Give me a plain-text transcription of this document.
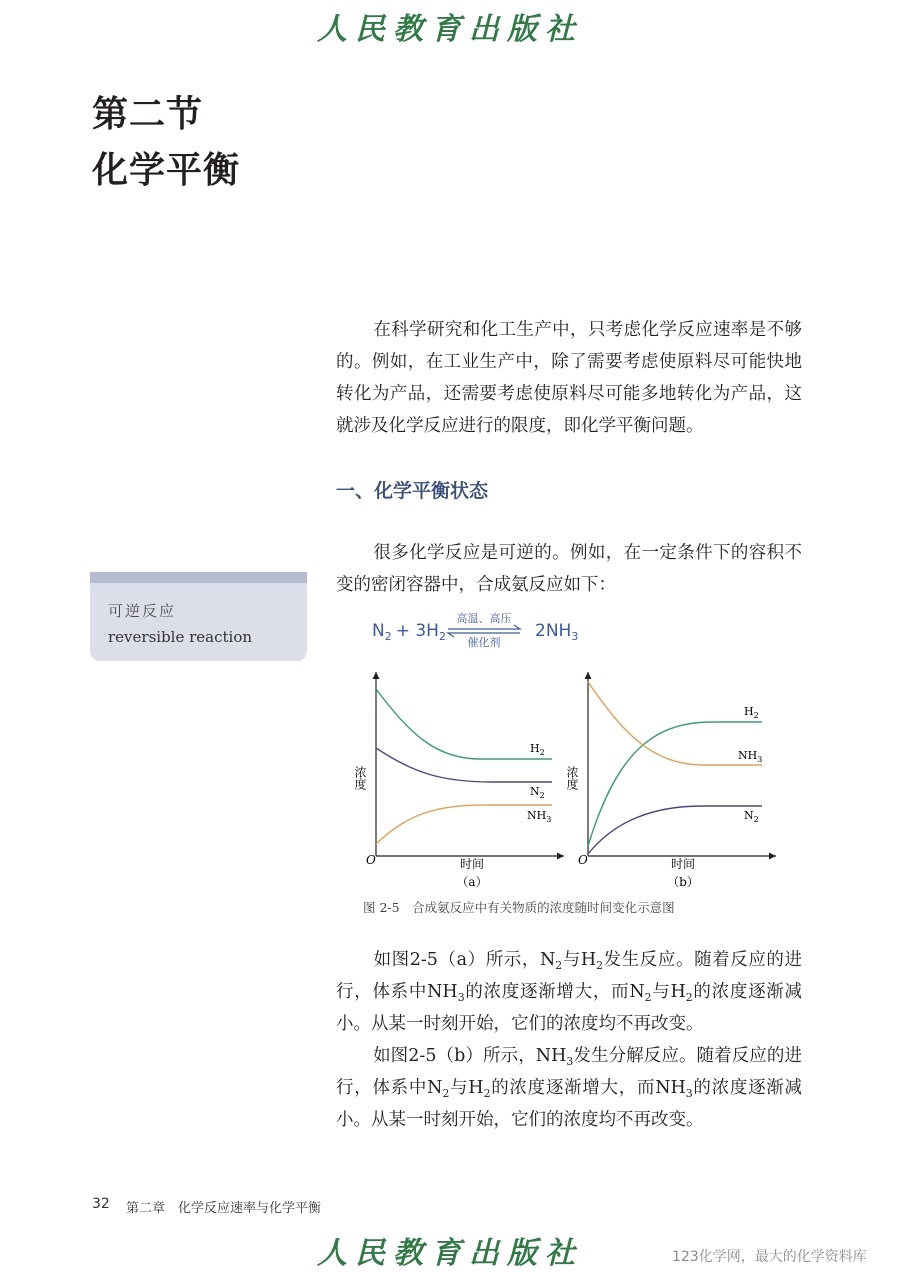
人民教育出版社
第二节
化学平衡

在科学研究和化工生产中，只考虑化学反应速率是不够的。例如，在工业生产中，除了需要考虑使原料尽可能快地转化为产品，还需要考虑使原料尽可能多地转化为产品，这就涉及化学反应进行的限度，即化学平衡问题。

一、化学平衡状态

很多化学反应是可逆的。例如，在一定条件下的容积不变的密闭容器中，合成氨反应如下：

可逆反应
reversible reaction	$N_2 + 3H_2$	$2NH_3$
高温、高压
催化剂
$H_2$
$N_2$
$NH_3$
浓度
O	时间
（a）
$H_2$
$NH_3$
$N_2$
浓度
O	时间
（b）
图 2-5　合成氨反应中有关物质的浓度随时间变化示意图

如图2-5（a）所示，$N_2$与$H_2$发生反应。随着反应的进行，体系中$NH_3$的浓度逐渐增大，而$N_2$与$H_2$的浓度逐渐减小。从某一时刻开始，它们的浓度均不再改变。

如图2-5（b）所示，$NH_3$发生分解反应。随着反应的进行，体系中$N_2$与$H_2$的浓度逐渐增大，而$NH_3$的浓度逐渐减小。从某一时刻开始，它们的浓度均不再改变。

32 第二章　化学反应速率与化学平衡
人民教育出版社	123化学网，最大的化学资料库
